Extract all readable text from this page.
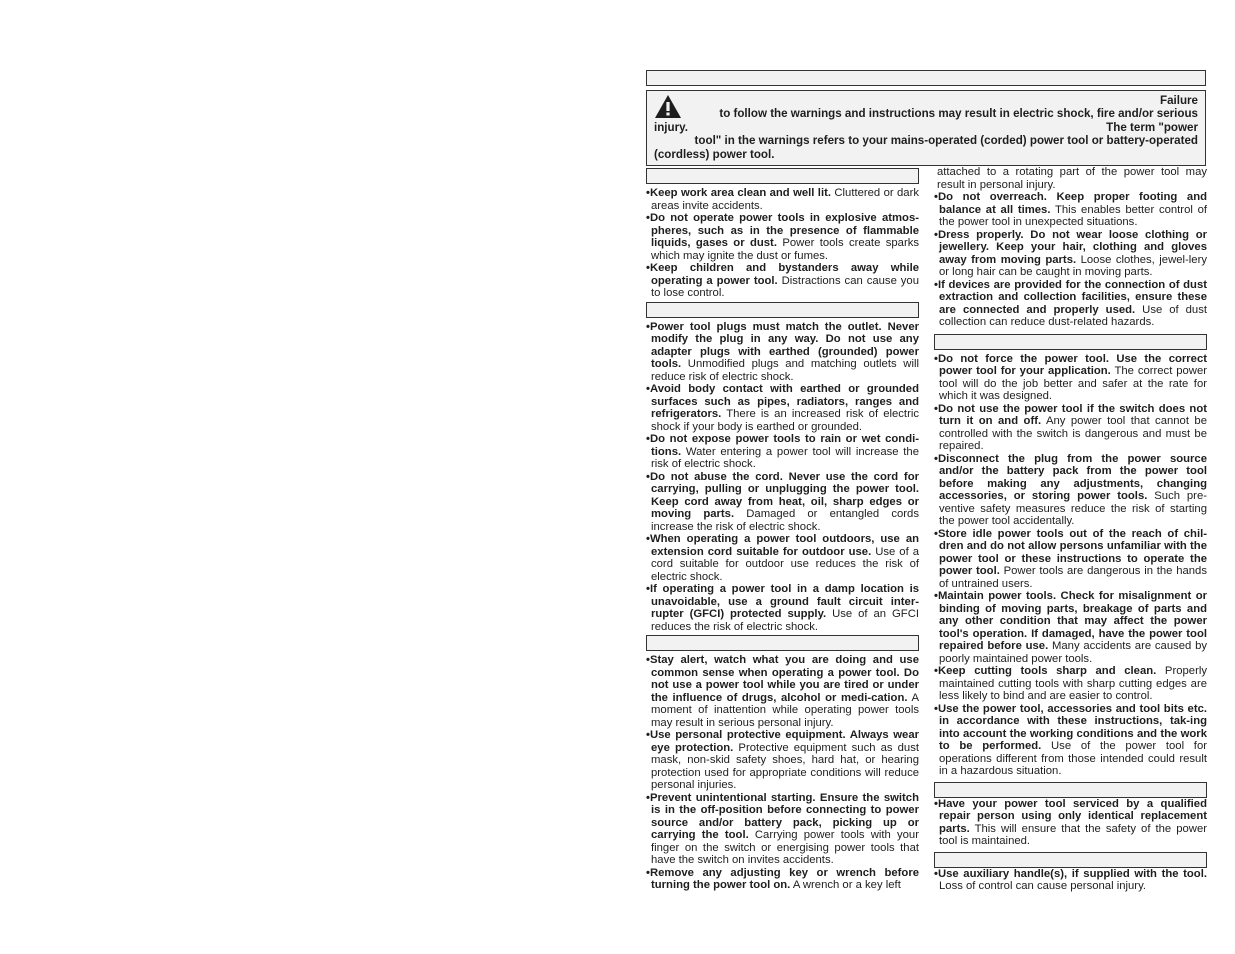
Failure

to follow the warnings and instructions may result in electric shock, fire and/or serious

injury.	The term "power

tool" in the warnings refers to your mains-operated (corded) power tool or battery-operated

(cordless) power tool.

•Keep work area clean and well lit. Cluttered or dark areas invite accidents.

•Do not operate power tools in explosive atmos-pheres, such as in the presence of flammable liquids, gases or dust. Power tools create sparks which may ignite the dust or fumes.

•Keep children and bystanders away while operating a power tool. Distractions can cause you to lose control.

•Power tool plugs must match the outlet. Never modify the plug in any way. Do not use any adapter plugs with earthed (grounded) power tools. Unmodified plugs and matching outlets will reduce risk of electric shock.

•Avoid body contact with earthed or grounded surfaces such as pipes, radiators, ranges and refrigerators. There is an increased risk of electric shock if your body is earthed or grounded.

•Do not expose power tools to rain or wet condi-tions. Water entering a power tool will increase the risk of electric shock.

•Do not abuse the cord. Never use the cord for carrying, pulling or unplugging the power tool. Keep cord away from heat, oil, sharp edges or moving parts. Damaged or entangled cords increase the risk of electric shock.

•When operating a power tool outdoors, use an extension cord suitable for outdoor use. Use of a cord suitable for outdoor use reduces the risk of electric shock.

•If operating a power tool in a damp location is unavoidable, use a ground fault circuit inter-rupter (GFCI) protected supply. Use of an GFCI reduces the risk of electric shock.

•Stay alert, watch what you are doing and use common sense when operating a power tool. Do not use a power tool while you are tired or under the influence of drugs, alcohol or medi-cation. A moment of inattention while operating power tools may result in serious personal injury.

•Use personal protective equipment. Always wear eye protection. Protective equipment such as dust mask, non-skid safety shoes, hard hat, or hearing protection used for appropriate conditions will reduce personal injuries.

•Prevent unintentional starting. Ensure the switch is in the off-position before connecting to power source and/or battery pack, picking up or carrying the tool. Carrying power tools with your finger on the switch or energising power tools that have the switch on invites accidents.

•Remove any adjusting key or wrench before turning the power tool on. A wrench or a key left

attached to a rotating part of the power tool may result in personal injury.

•Do not overreach. Keep proper footing and balance at all times. This enables better control of the power tool in unexpected situations.

•Dress properly. Do not wear loose clothing or jewellery. Keep your hair, clothing and gloves away from moving parts. Loose clothes, jewel-lery or long hair can be caught in moving parts.

•If devices are provided for the connection of dust extraction and collection facilities, ensure these are connected and properly used. Use of dust collection can reduce dust-related hazards.

•Do not force the power tool. Use the correct power tool for your application. The correct power tool will do the job better and safer at the rate for which it was designed.

•Do not use the power tool if the switch does not turn it on and off. Any power tool that cannot be controlled with the switch is dangerous and must be repaired.

•Disconnect the plug from the power source and/or the battery pack from the power tool before making any adjustments, changing accessories, or storing power tools. Such pre-ventive safety measures reduce the risk of starting the power tool accidentally.

•Store idle power tools out of the reach of chil-dren and do not allow persons unfamiliar with the power tool or these instructions to operate the power tool. Power tools are dangerous in the hands of untrained users.

•Maintain power tools. Check for misalignment or binding of moving parts, breakage of parts and any other condition that may affect the power tool's operation. If damaged, have the power tool repaired before use. Many accidents are caused by poorly maintained power tools.

•Keep cutting tools sharp and clean. Properly maintained cutting tools with sharp cutting edges are less likely to bind and are easier to control.

•Use the power tool, accessories and tool bits etc. in accordance with these instructions, tak-ing into account the working conditions and the work to be performed. Use of the power tool for operations different from those intended could result in a hazardous situation.

•Have your power tool serviced by a qualified repair person using only identical replacement parts. This will ensure that the safety of the power tool is maintained.

•Use auxiliary handle(s), if supplied with the tool. Loss of control can cause personal injury.
